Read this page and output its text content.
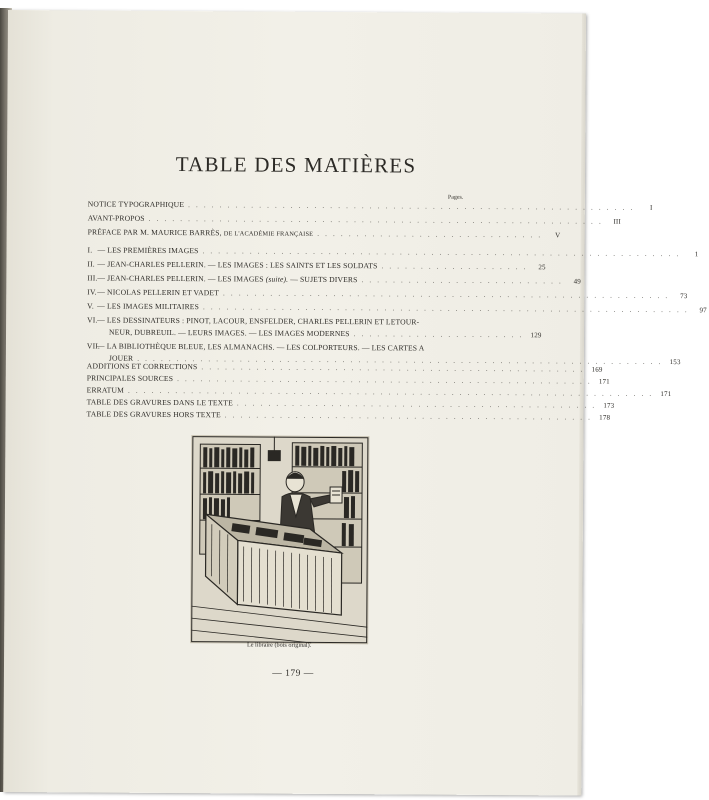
TABLE DES MATIÈRES
Pages.
NOTICE TYPOGRAPHIQUE . . . . . . . . . . . . . . . . . . . . . . . . . . . . . . . . . . . . . . . . . . . . . . . . . . . . . . . . .	I
AVANT-PROPOS . . . . . . . . . . . . . . . . . . . . . . . . . . . . . . . . . . . . . . . . . . . . . . . . . . . . . . . . . .	III
PRÉFACE PAR M. MAURICE BARRÈS, DE L'ACADÉMIE FRANÇAISE . . . . . . . . . . . . . . . . . . . . . . . . . . . . .	V
I. — LES PREMIÈRES IMAGES . . . . . . . . . . . . . . . . . . . . . . . . . . . . . . . . . . . . . . . . . . . . . . . . . . . . . . . . . . . . .	1
II. — JEAN-CHARLES PELLERIN. — LES IMAGES : LES SAINTS ET LES SOLDATS . . . . . . . . . . . . . . . . . . .	25
III. — JEAN-CHARLES PELLERIN. — LES IMAGES (suite). — SUJETS DIVERS . . . . . . . . . . . . . . . . . . . . . . . . . .	49
IV. — NICOLAS PELLERIN ET VADET . . . . . . . . . . . . . . . . . . . . . . . . . . . . . . . . . . . . . . . . . . . . . . . . . . . . . . . . .	73
V. — LES IMAGES MILITAIRES . . . . . . . . . . . . . . . . . . . . . . . . . . . . . . . . . . . . . . . . . . . . . . . . . . . . . . . . . . . . . .	97
VI. — LES DESSINATEURS : PINOT, LACOUR, ENSFELDER, CHARLES PELLERIN ET LETOUR-
NEUR, DUBREUIL. — LEURS IMAGES. — LES IMAGES MODERNES . . . . . . . . . . . . . . . . . . . . . . 129
VII.
— LA BIBLIOTHÈQUE BLEUE, LES ALMANACHS. — LES COLPORTEURS. — LES CARTES A
JOUER . . . . . . . . . . . . . . . . . . . . . . . . . . . . . . . . . . . . . . . . . . . . . . . . . . . . . . . . . . . . . . . . . . . 153
ADDITIONS ET CORRECTIONS . . . . . . . . . . . . . . . . . . . . . . . . . . . . . . . . . . . . . . . . . . . . . . . . . 169
PRINCIPALES SOURCES . . . . . . . . . . . . . . . . . . . . . . . . . . . . . . . . . . . . . . . . . . . . . . . . . . . . . 171
ERRATUM . . . . . . . . . . . . . . . . . . . . . . . . . . . . . . . . . . . . . . . . . . . . . . . . . . . . . . . . . . . . . . . . . . . 171
TABLE DES GRAVURES DANS LE TEXTE . . . . . . . . . . . . . . . . . . . . . . . . . . . . . . . . . . . . . . . . . . . . . . 173
TABLE DES GRAVURES HORS TEXTE . . . . . . . . . . . . . . . . . . . . . . . . . . . . . . . . . . . . . . . . . . . . . . . 178
Le libraire (bois original).
— 179 —
